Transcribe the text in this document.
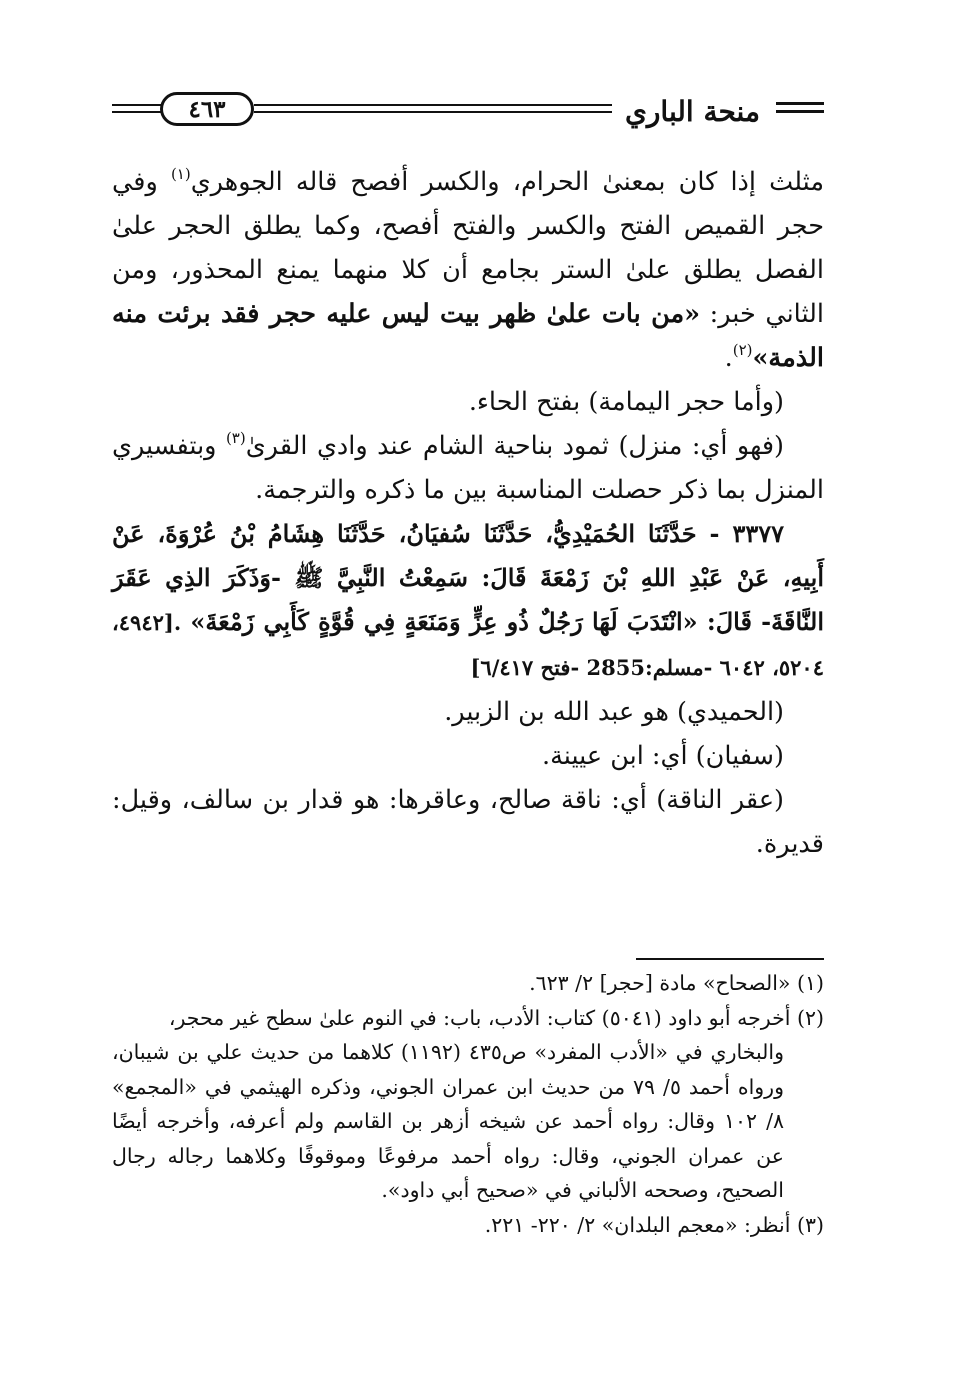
منحة الباري
٤٦٣

مثلث إذا كان بمعنىٰ الحرام، والكسر أفصح قاله الجوهري$^{(١)}$ وفي حجر القميص الفتح والكسر والفتح أفصح، وكما يطلق الحجر علىٰ الفصل يطلق علىٰ الستر بجامع أن كلا منهما يمنع المحذور، ومن الثاني خبر: «من بات علىٰ ظهر بيت ليس عليه حجر فقد برئت منه الذمة»$^{(٢)}$.

(وأما حجر اليمامة) بفتح الحاء.

(فهو أي: منزل) ثمود بناحية الشام عند وادي القرىٰ$^{(٣)}$ وبتفسيري المنزل بما ذكر حصلت المناسبة بين ما ذكره والترجمة.

٣٣٧٧ - حَدَّثَنَا الحُمَيْدِيُّ، حَدَّثَنَا سُفيَانُ، حَدَّثَنَا هِشَامُ بْنُ عُرْوَةَ، عَنْ أَبِيهِ، عَنْ عَبْدِ اللهِ بْنَ زَمْعَةَ قَالَ: سَمِعْتُ النَّبِيَّ ﷺ -وَذَكَرَ الذِي عَقَرَ النَّاقَةَ- قَالَ: «انْتَدَبَ لَهَا رَجُلٌ ذُو عِزٍّ وَمَنَعَةٍ فِي قُوَّةٍ كَأَبِي زَمْعَةَ» .[٤٩٤٢، ٥٢٠٤، ٦٠٤٢ -مسلم:2855 -فتح ٦/٤١٧]

(الحميدي) هو عبد الله بن الزبير.

(سفيان) أي: ابن عيينة.

(عقر الناقة) أي: ناقة صالح، وعاقرها: هو قدار بن سالف، وقيل: قديرة.

(١) «الصحاح» مادة [حجر] ٢/ ٦٢٣.

(٢) أخرجه أبو داود (٥٠٤١) كتاب: الأدب، باب: في النوم علىٰ سطح غير محجر،

والبخاري في «الأدب المفرد» ص٤٣٥ (١١٩٢) كلاهما من حديث علي بن شيبان، ورواه أحمد ٥/ ٧٩ من حديث ابن عمران الجوني، وذكره الهيثمي في «المجمع» ٨/ ١٠٢ وقال: رواه أحمد عن شيخه أزهر بن القاسم ولم أعرفه، وأخرجه أيضًا عن عمران الجوني، وقال: رواه أحمد مرفوعًا وموقوفًا وكلاهما رجاله رجال الصحيح، وصححه الألباني في «صحيح أبي داود».

(٣) أنظر: «معجم البلدان» ٢/ ٢٢٠- ٢٢١.
